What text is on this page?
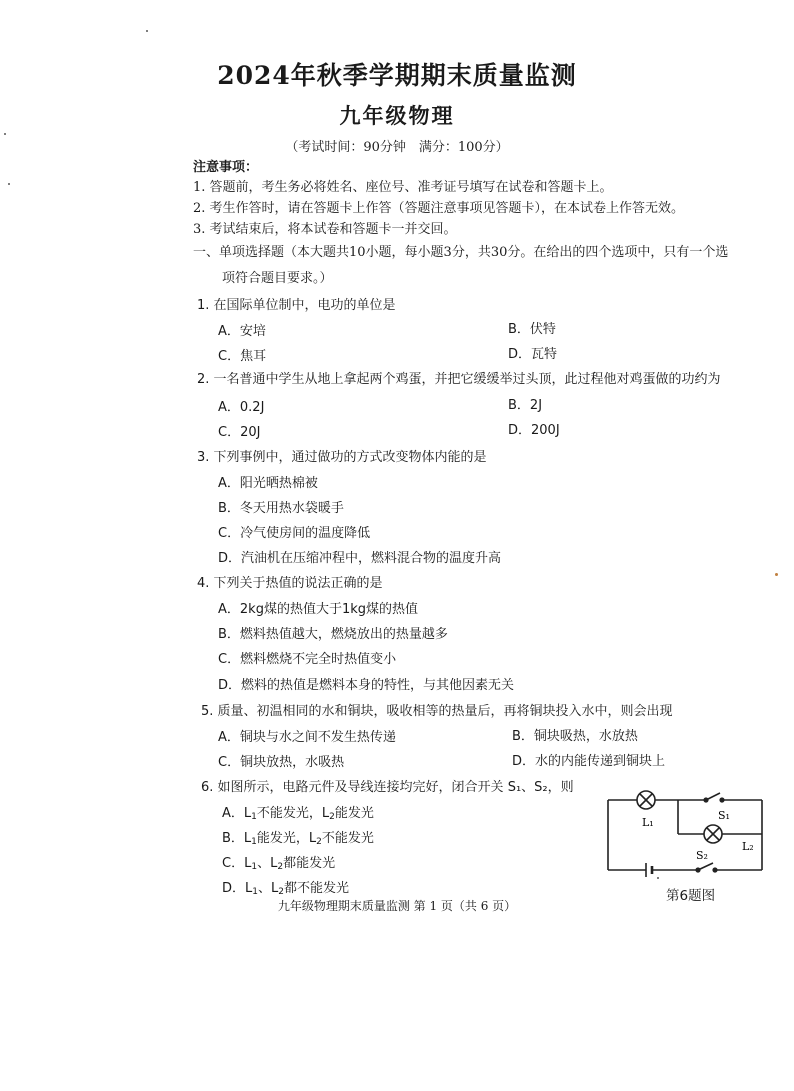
2024年秋季学期期末质量监测
九年级物理
（考试时间：90分钟　满分：100分）
注意事项：
1. 答题前，考生务必将姓名、座位号、准考证号填写在试卷和答题卡上。
2. 考生作答时，请在答题卡上作答（答题注意事项见答题卡），在本试卷上作答无效。
3. 考试结束后，将本试卷和答题卡一并交回。
一、单项选择题（本大题共10小题，每小题3分，共30分。在给出的四个选项中，只有一个选
项符合题目要求。）
1. 在国际单位制中，电功的单位是
A．安培	B．伏特
C．焦耳	D．瓦特
2. 一名普通中学生从地上拿起两个鸡蛋，并把它缓缓举过头顶，此过程他对鸡蛋做的功约为
A．0.2J	B．2J
C．20J	D．200J
3. 下列事例中，通过做功的方式改变物体内能的是
A．阳光晒热棉被
B．冬天用热水袋暖手
C．冷气使房间的温度降低
D．汽油机在压缩冲程中，燃料混合物的温度升高
4. 下列关于热值的说法正确的是
A．2kg煤的热值大于1kg煤的热值
B．燃料热值越大，燃烧放出的热量越多
C．燃料燃烧不完全时热值变小
D．燃料的热值是燃料本身的特性，与其他因素无关
5. 质量、初温相同的水和铜块，吸收相等的热量后，再将铜块投入水中，则会出现
A．铜块与水之间不发生热传递	B．铜块吸热，水放热
C．铜块放热，水吸热	D．水的内能传递到铜块上
6. 如图所示，电路元件及导线连接均完好，闭合开关 S₁、S₂，则
A．$L_1$不能发光，$L_2$能发光
B．$L_1$能发光，$L_2$不能发光
C．$L_1$、$L_2$都能发光
D．$L_1$、$L_2$都不能发光
L₁
L₂
S₁
S₂
第6题图
九年级物理期末质量监测 第 1 页（共 6 页）
